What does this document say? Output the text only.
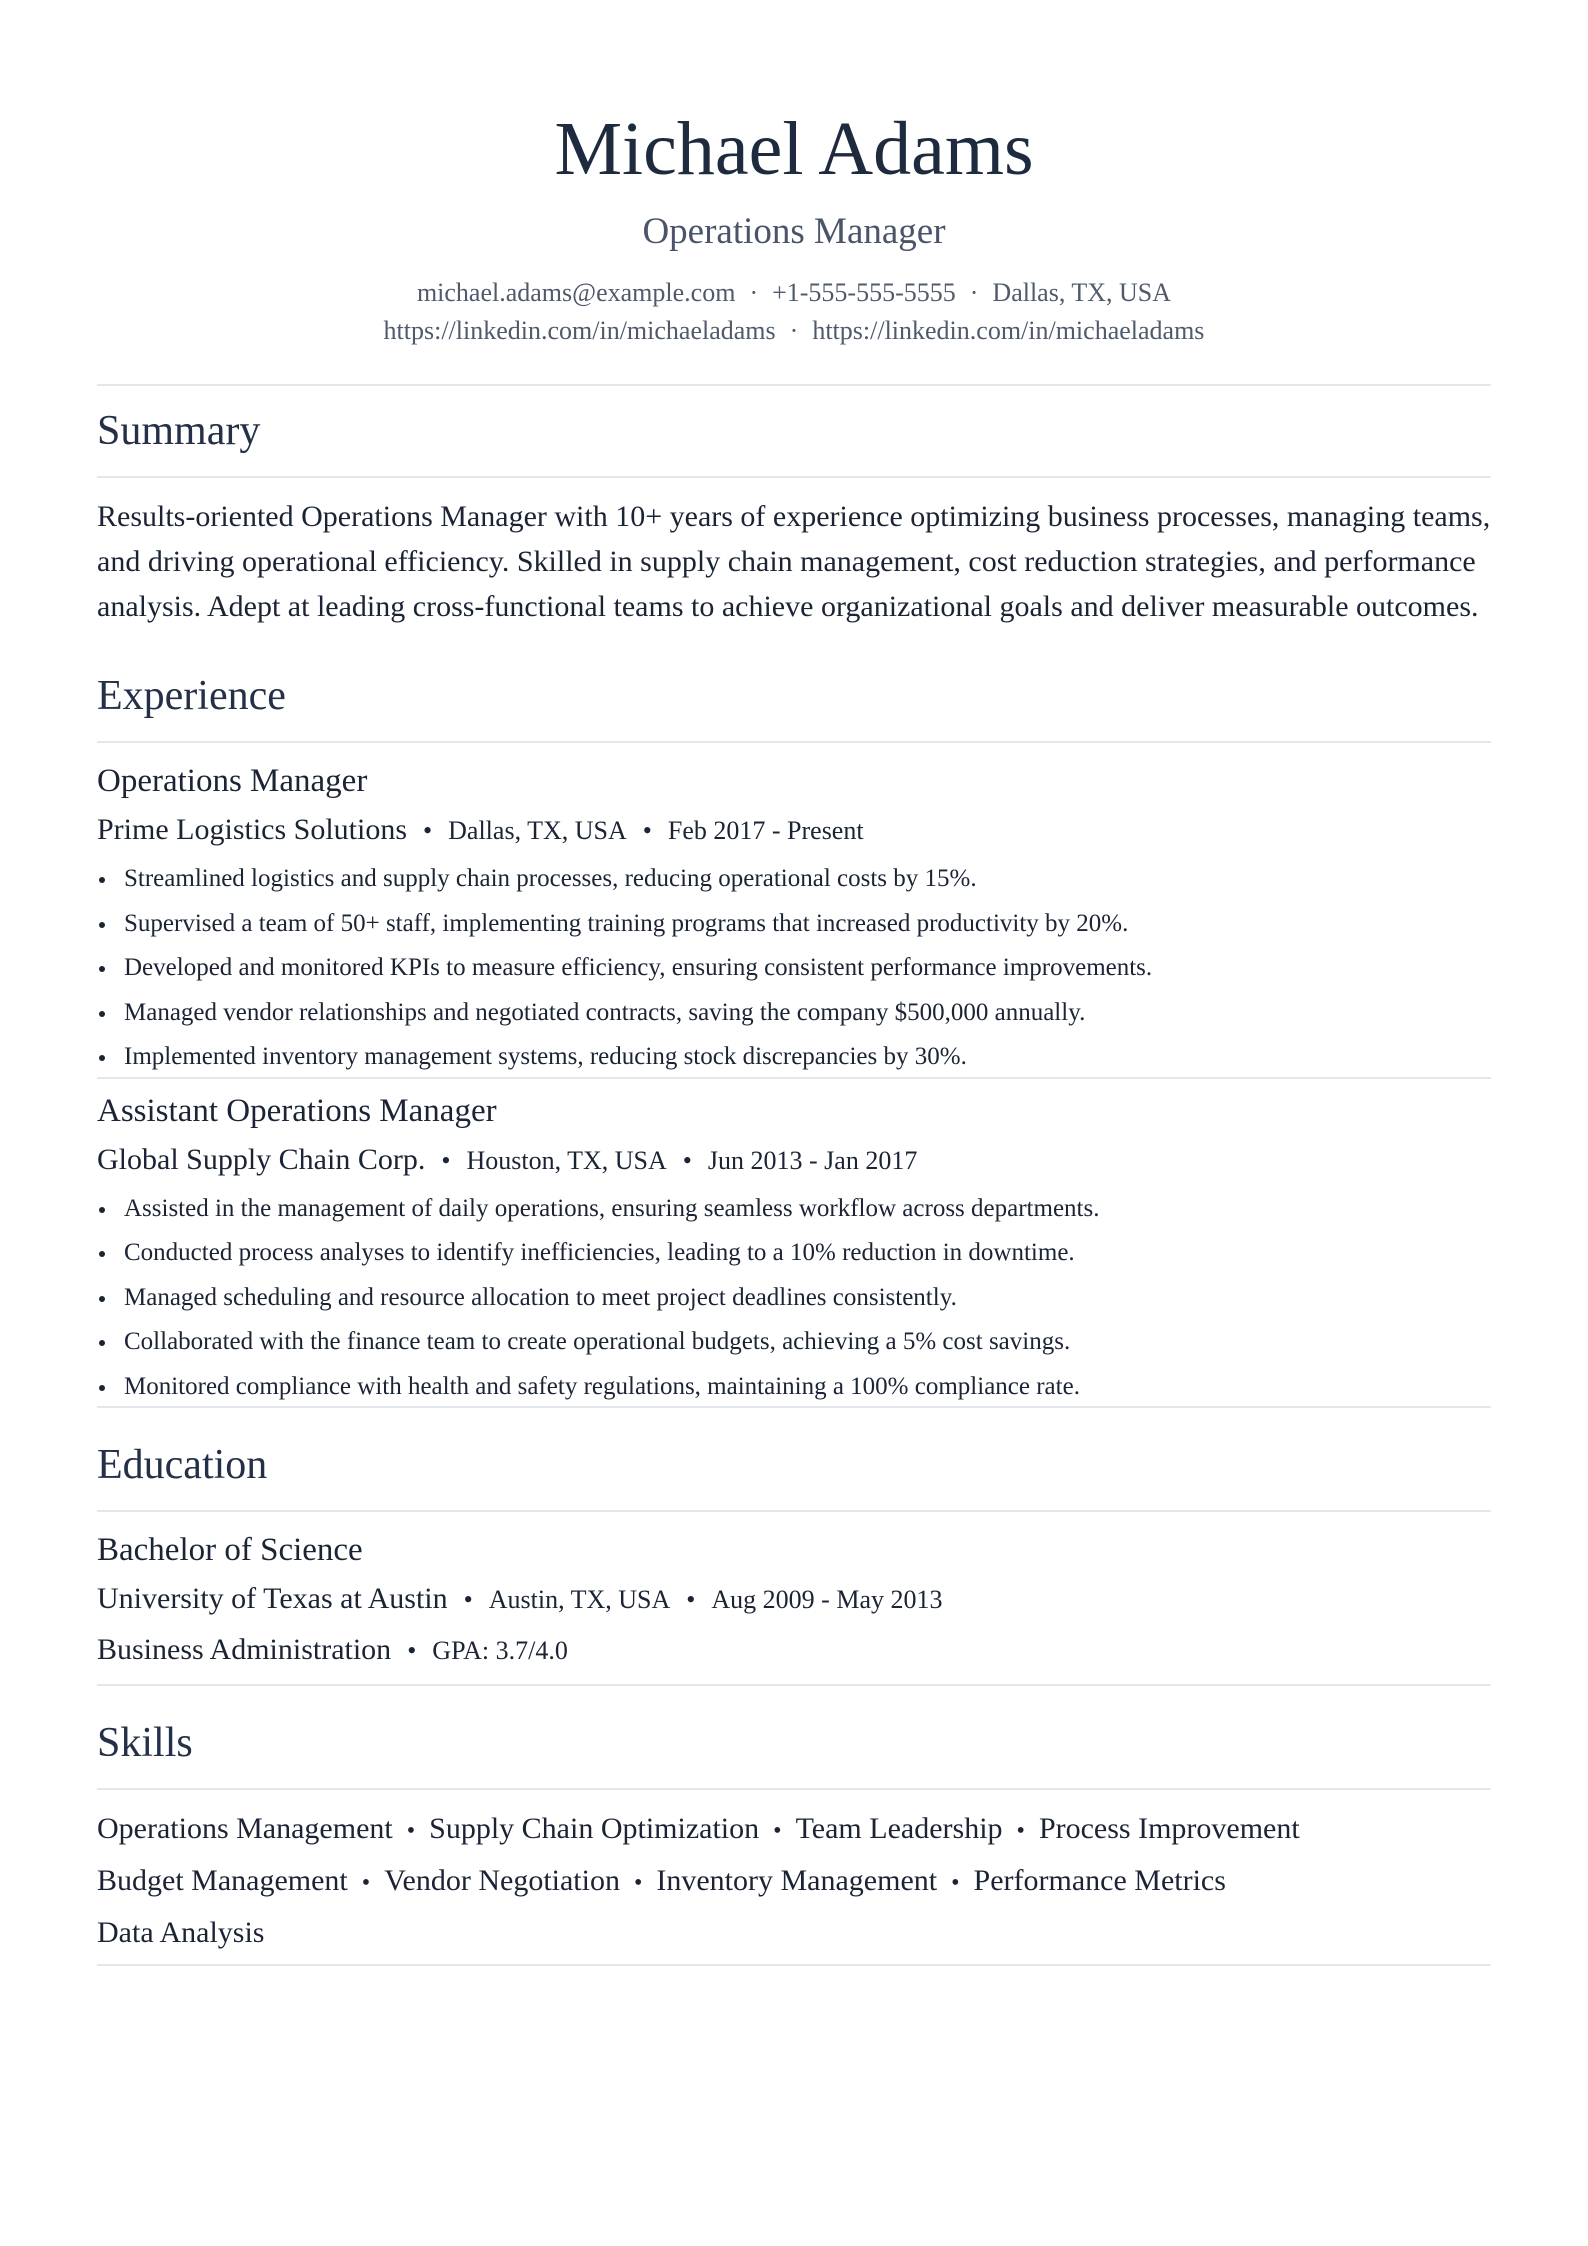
Michael Adams
Operations Manager
michael.adams@example.com · +1-555-555-5555 · Dallas, TX, USA
https://linkedin.com/in/michaeladams · https://linkedin.com/in/michaeladams
Summary

Results-oriented Operations Manager with 10+ years of experience optimizing business processes, managing teams, and driving operational efficiency. Skilled in supply chain management, cost reduction strategies, and performance analysis. Adept at leading cross-functional teams to achieve organizational goals and deliver measurable outcomes.

Experience
Operations Manager
Prime Logistics Solutions • Dallas, TX, USA • Feb 2017 - Present
Streamlined logistics and supply chain processes, reducing operational costs by 15%.
Supervised a team of 50+ staff, implementing training programs that increased productivity by 20%.
Developed and monitored KPIs to measure efficiency, ensuring consistent performance improvements.
Managed vendor relationships and negotiated contracts, saving the company $500,000 annually.
Implemented inventory management systems, reducing stock discrepancies by 30%.
Assistant Operations Manager
Global Supply Chain Corp. • Houston, TX, USA • Jun 2013 - Jan 2017
Assisted in the management of daily operations, ensuring seamless workflow across departments.
Conducted process analyses to identify inefficiencies, leading to a 10% reduction in downtime.
Managed scheduling and resource allocation to meet project deadlines consistently.
Collaborated with the finance team to create operational budgets, achieving a 5% cost savings.
Monitored compliance with health and safety regulations, maintaining a 100% compliance rate.
Education
Bachelor of Science
University of Texas at Austin • Austin, TX, USA • Aug 2009 - May 2013
Business Administration • GPA: 3.7/4.0
Skills
Operations Management • Supply Chain Optimization • Team Leadership • Process Improvement
Budget Management • Vendor Negotiation • Inventory Management • Performance Metrics
Data Analysis
